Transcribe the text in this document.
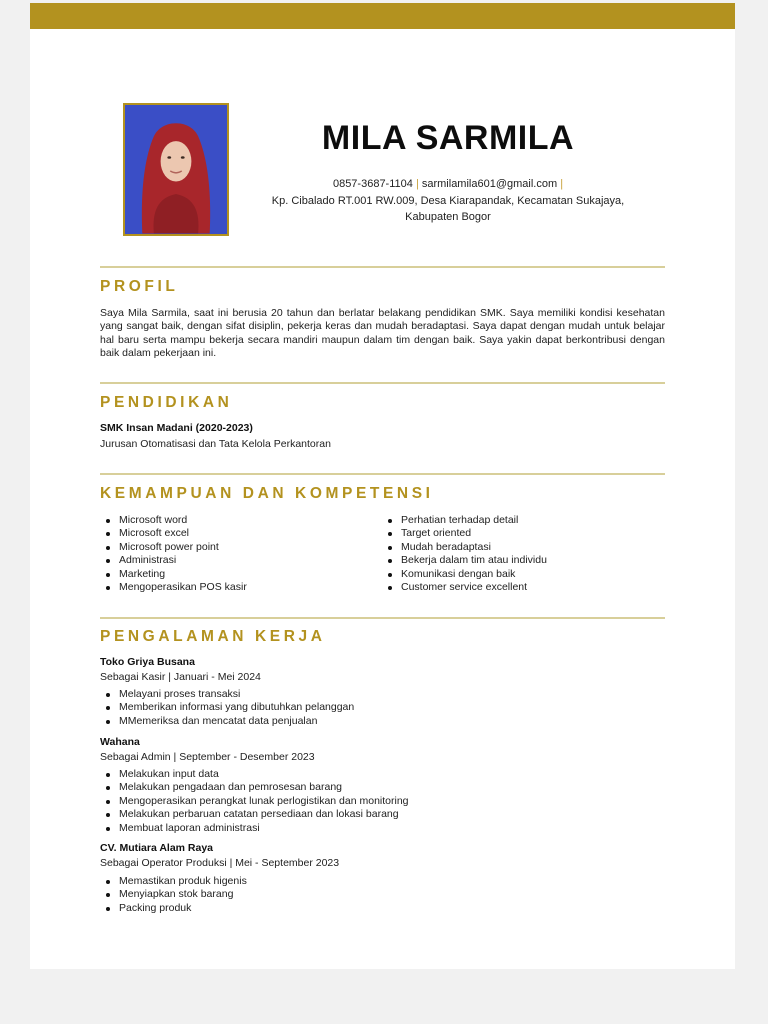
MILA SARMILA
0857-3687-1104 | sarmilamila601@gmail.com |
Kp. Cibalado RT.001 RW.009, Desa Kiarapandak, Kecamatan Sukajaya,
Kabupaten Bogor
PROFIL
Saya Mila Sarmila, saat ini berusia 20 tahun dan berlatar belakang pendidikan SMK. Saya memiliki kondisi kesehatan yang sangat baik, dengan sifat disiplin, pekerja keras dan mudah beradaptasi. Saya dapat dengan mudah untuk belajar hal baru serta mampu bekerja secara mandiri maupun dalam tim dengan baik. Saya yakin dapat berkontribusi dengan baik dalam pekerjaan ini.
PENDIDIKAN
SMK Insan Madani (2020-2023)
Jurusan Otomatisasi dan Tata Kelola Perkantoran
KEMAMPUAN DAN KOMPETENSI
Microsoft word
Microsoft excel
Microsoft power point
Administrasi
Marketing
Mengoperasikan POS kasir
Perhatian terhadap detail
Target oriented
Mudah beradaptasi
Bekerja dalam tim atau individu
Komunikasi dengan baik
Customer service excellent
PENGALAMAN KERJA
Toko Griya Busana
Sebagai Kasir | Januari - Mei 2024
Melayani proses transaksi
Memberikan informasi yang dibutuhkan pelanggan
MMemeriksa dan mencatat data penjualan
Wahana
Sebagai Admin | September - Desember 2023
Melakukan input data
Melakukan pengadaan dan pemrosesan barang
Mengoperasikan perangkat lunak perlogistikan dan monitoring
Melakukan perbaruan catatan persediaan dan lokasi barang
Membuat laporan administrasi
CV. Mutiara Alam Raya
Sebagai Operator Produksi | Mei - September 2023
Memastikan produk higenis
Menyiapkan stok barang
Packing produk
